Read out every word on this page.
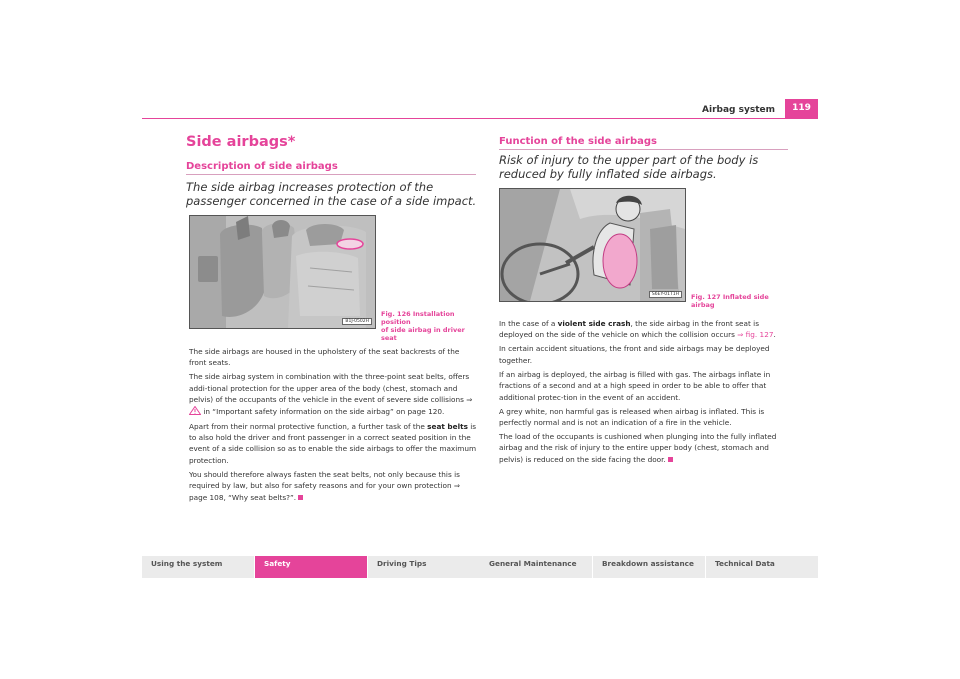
Airbag system	119
Side airbags*
Description of side airbags
The side airbag increases protection of the passenger concerned in the case of a side impact.
B1J-0502H
Fig. 126 Installation position
of side airbag in driver seat

The side airbags are housed in the upholstery of the seat backrests of the front seats.

The side airbag system in combination with the three-point seat belts, offers addi-tional protection for the upper area of the body (chest, stomach and pelvis) of the occupants of the vehicle in the event of severe side collisions ⇒  in “Important safety information on the side airbag” on page 120.

Apart from their normal protective function, a further task of the seat belts is to also hold the driver and front passenger in a correct seated position in the event of a side collision so as to enable the side airbags to offer the maximum protection.

You should therefore always fasten the seat belts, not only because this is required by law, but also for safety reasons and for your own protection ⇒ page 108, “Why seat belts?”.

Function of the side airbags
Risk of injury to the upper part of the body is reduced by fully inflated side airbags.
S6EY-01T1H	Fig. 127 Inflated side airbag

In the case of a violent side crash, the side airbag in the front seat is deployed on the side of the vehicle on which the collision occurs ⇒ fig. 127.

In certain accident situations, the front and side airbags may be deployed together.

If an airbag is deployed, the airbag is filled with gas. The airbags inflate in fractions of a second and at a high speed in order to be able to offer that additional protec-tion in the event of an accident.

A grey white, non harmful gas is released when airbag is inflated. This is perfectly normal and is not an indication of a fire in the vehicle.

The load of the occupants is cushioned when plunging into the fully inflated airbag and the risk of injury to the entire upper body (chest, stomach and pelvis) is reduced on the side facing the door.

Using the system	Safety	Driving Tips	General Maintenance	Breakdown assistance	Technical Data
